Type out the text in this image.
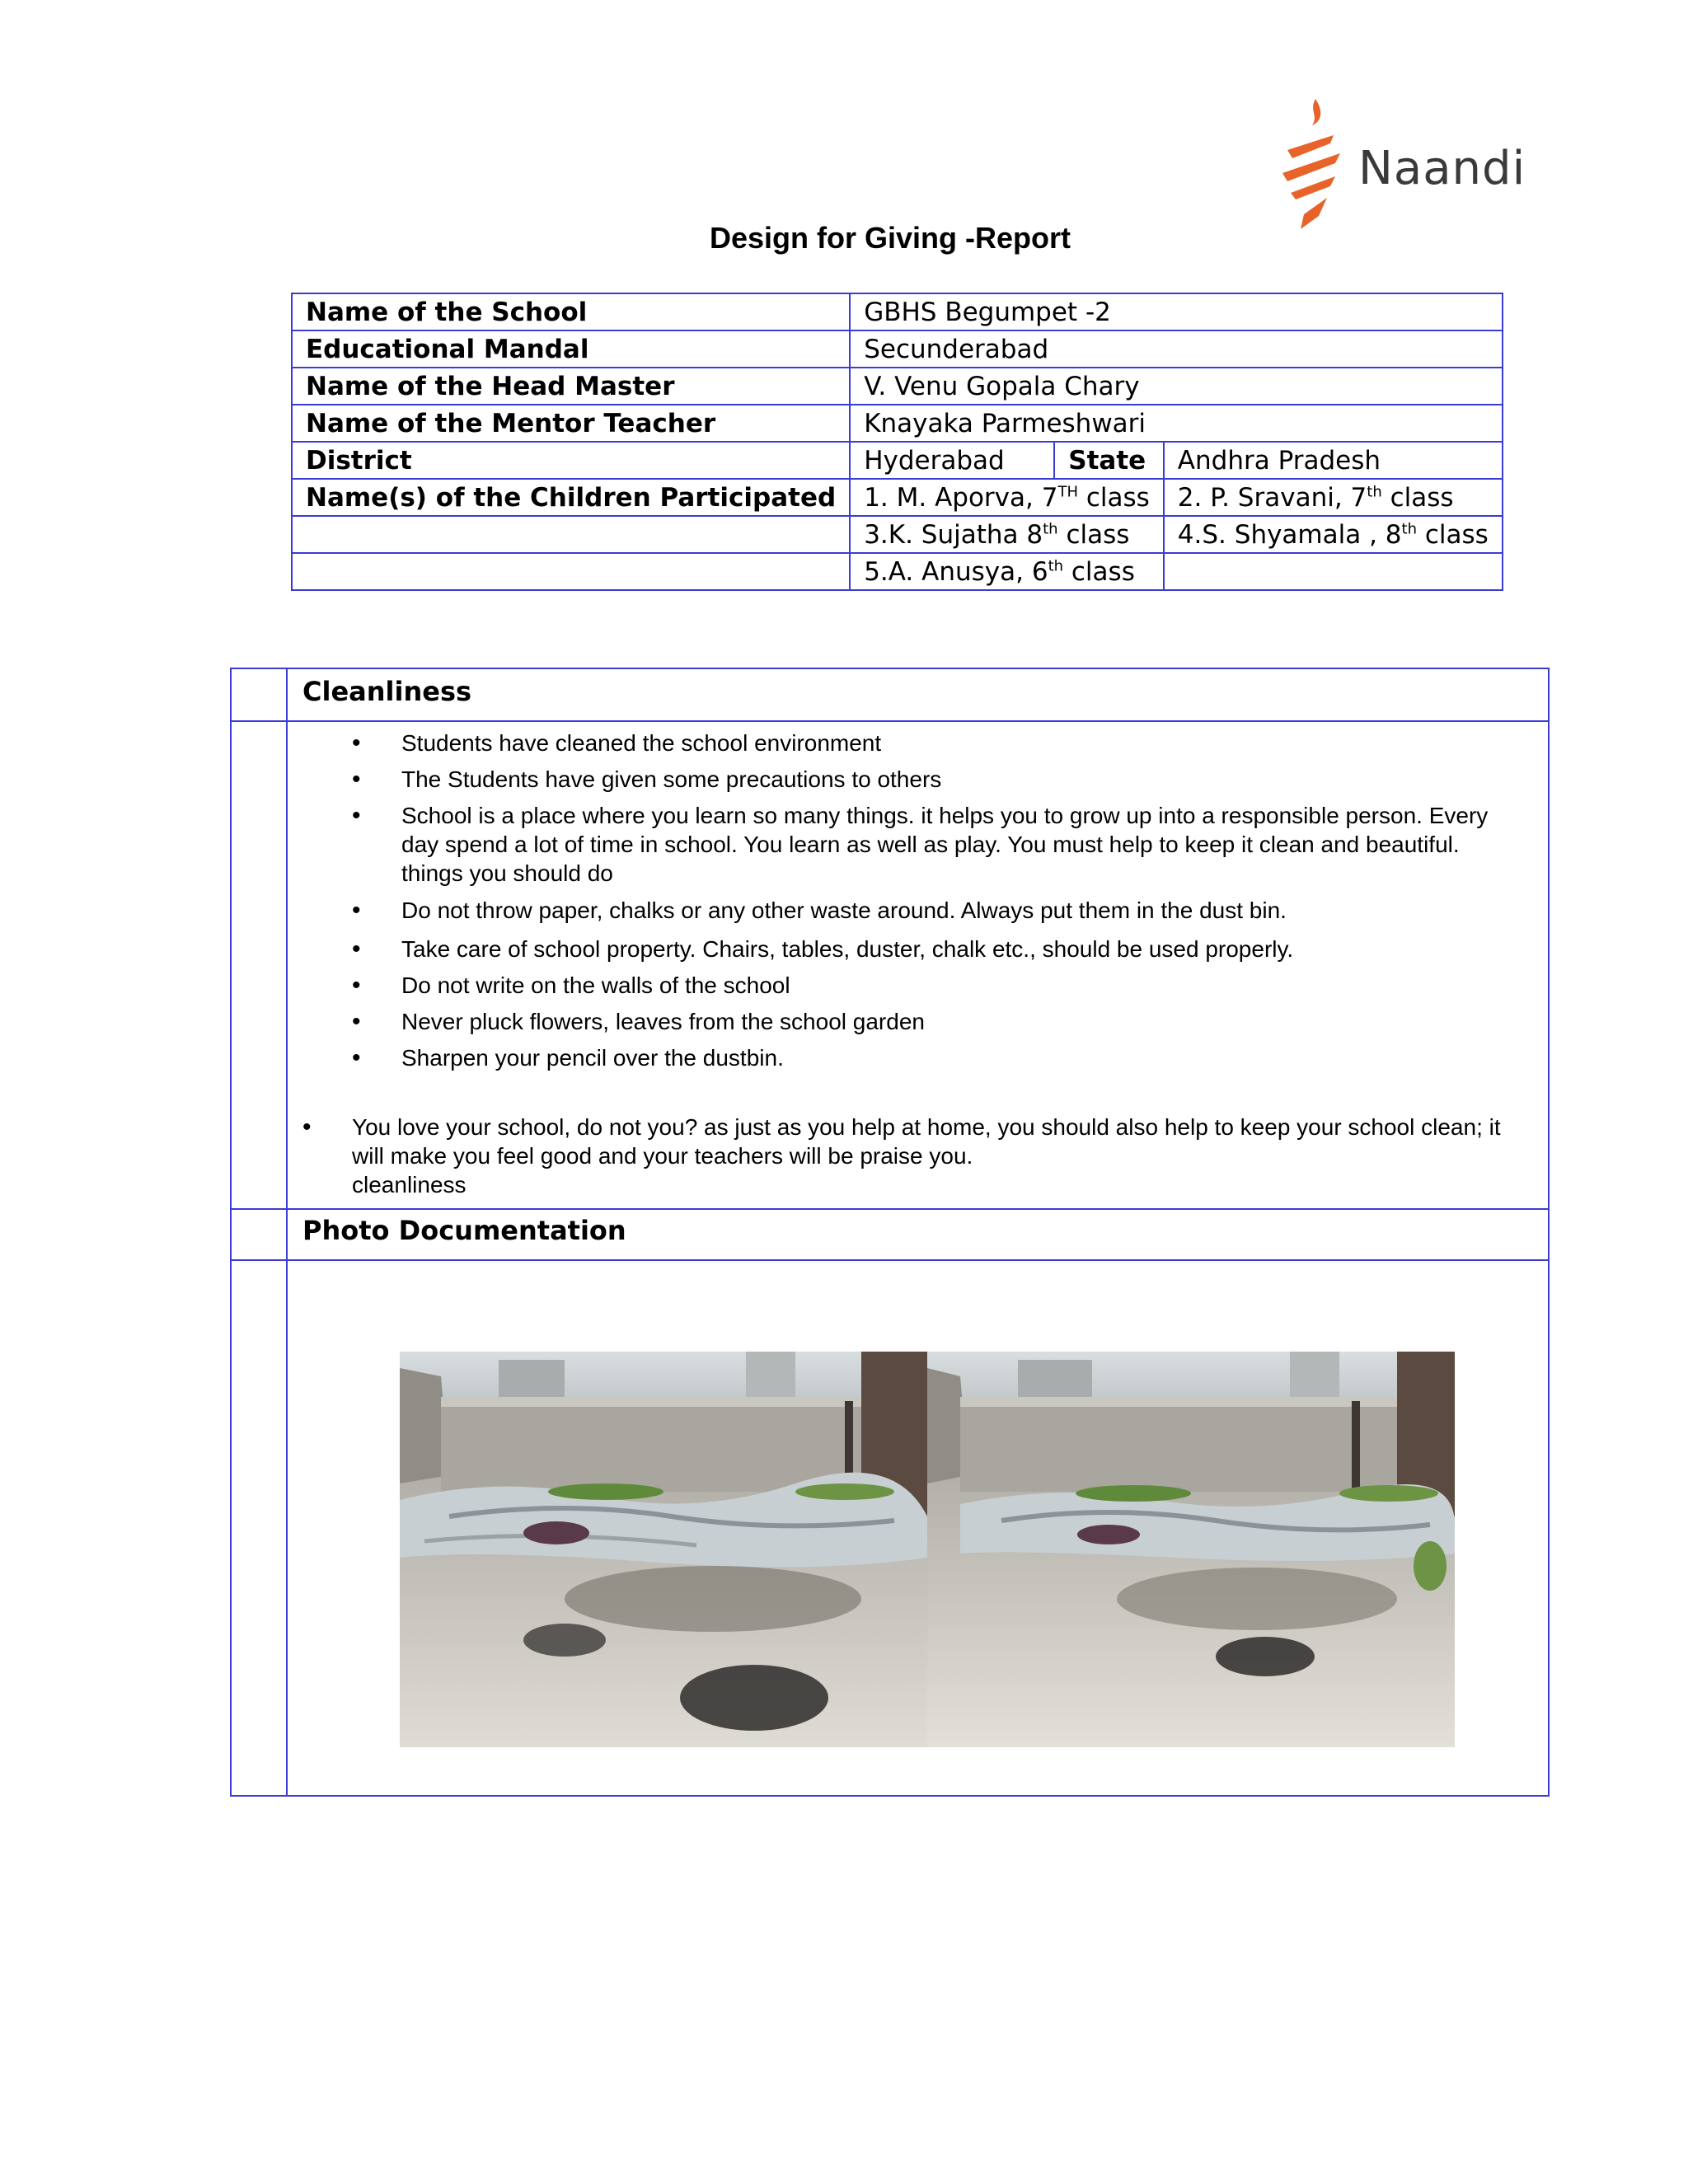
Naandi
Design for Giving -Report
Name of the School	GBHS Begumpet -2		
Educational Mandal	Secunderabad		
Name of the Head Master	V. Venu Gopala Chary		
Name of the Mentor Teacher	Knayaka Parmeshwari		
District	Hyderabad	State	Andhra Pradesh
Name(s) of the Children Participated	1. M. Aporva, 7TH class		2. P. Sravani, 7th class
	3.K. Sujatha 8th class		4.S. Shyamala , 8th class
	5.A. Anusya, 6th class		
Cleanliness
• Students have cleaned the school environment
• The Students have given some precautions to others
• School is a place where you learn so many things. it helps you to grow up into a responsible person. Every day spend a lot of time in school. You learn as well as play. You must help to keep it clean and beautiful.
things you should do
• Do not throw paper, chalks or any other waste around. Always put them in the dust bin.
• Take care of school property. Chairs, tables, duster, chalk etc., should be used properly.
• Do not write on the walls of the school
• Never pluck flowers, leaves from the school garden
• Sharpen your pencil over the dustbin.
• You love your school, do not you? as just as you help at home, you should also help to keep your school clean; it will make you feel good and your teachers will be praise you.
cleanliness
Photo Documentation
